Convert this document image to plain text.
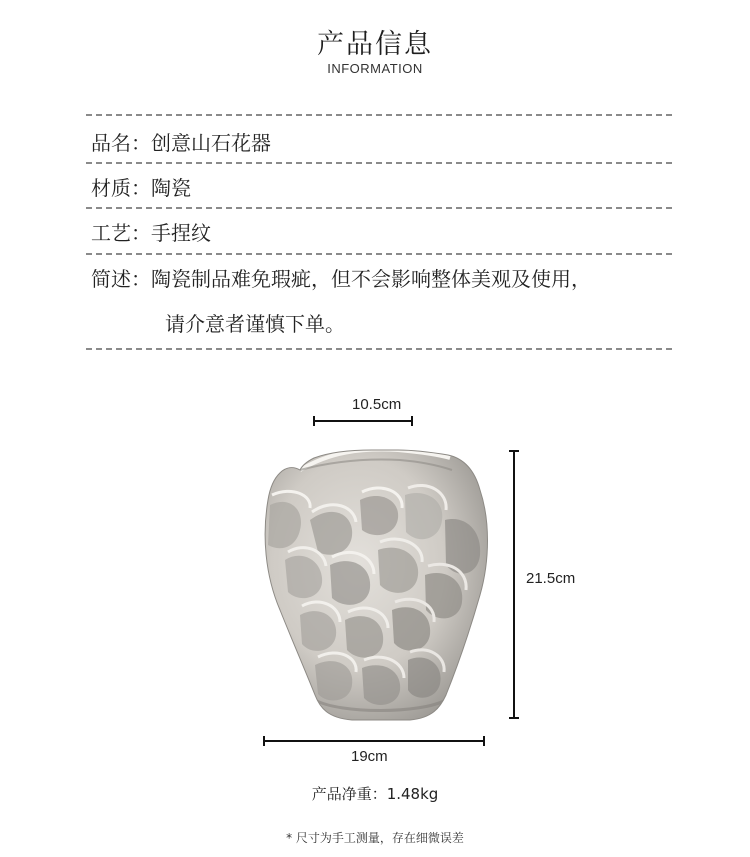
产品信息
INFORMATION
品名：创意山石花器
材质：陶瓷
工艺：手捏纹
简述：陶瓷制品难免瑕疵，但不会影响整体美观及使用，
请介意者谨慎下单。
10.5cm
21.5cm
19cm
产品净重：1.48kg
* 尺寸为手工测量，存在细微误差
